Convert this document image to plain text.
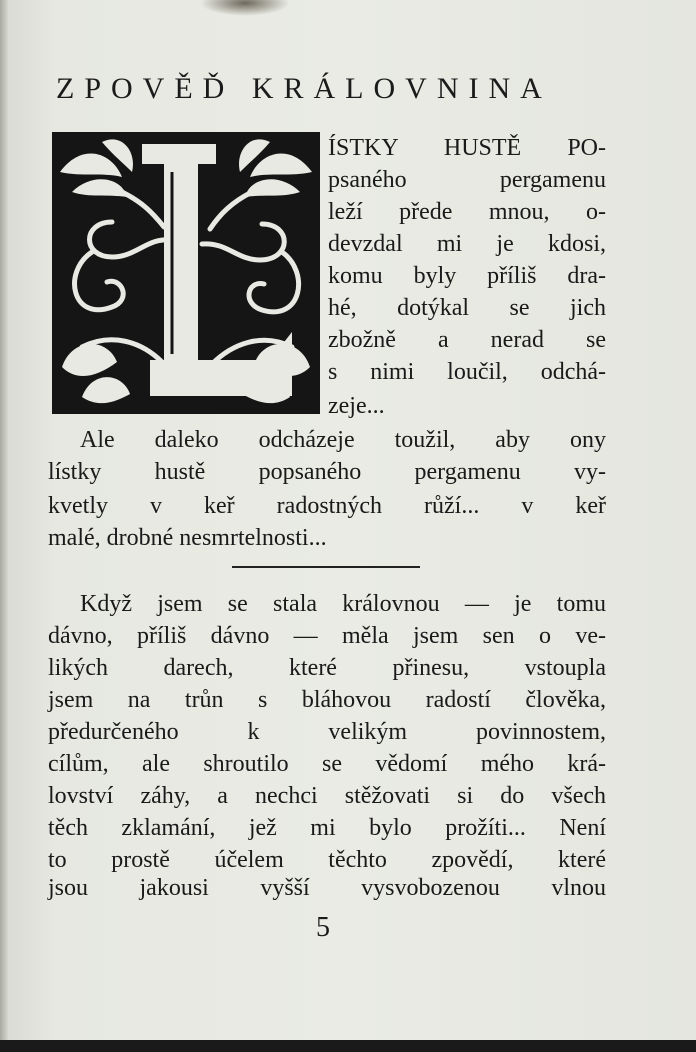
ZPOVĚĎ KRÁLOVNINA
ÍSTKY HUSTĚ PO-
psaného pergamenu
leží přede mnou, o-
devzdal mi je kdosi,
komu byly příliš dra-
hé, dotýkal se jich
zbožně a nerad se
s nimi loučil, odchá-
zeje...
Ale daleko odcházeje toužil, aby ony
lístky hustě popsaného pergamenu vy-
kvetly v keř radostných růží... v keř
malé, drobné nesmrtelnosti...
Když jsem se stala královnou — je tomu
dávno, příliš dávno — měla jsem sen o ve-
likých darech, které přinesu, vstoupla
jsem na trůn s bláhovou radostí člověka,
předurčeného k velikým povinnostem,
cílům, ale shroutilo se vědomí mého krá-
lovství záhy, a nechci stěžovati si do všech
těch zklamání, jež mi bylo prožíti... Není
to prostě účelem těchto zpovědí, které
jsou jakousi vyšší vysvobozenou vlnou
5
